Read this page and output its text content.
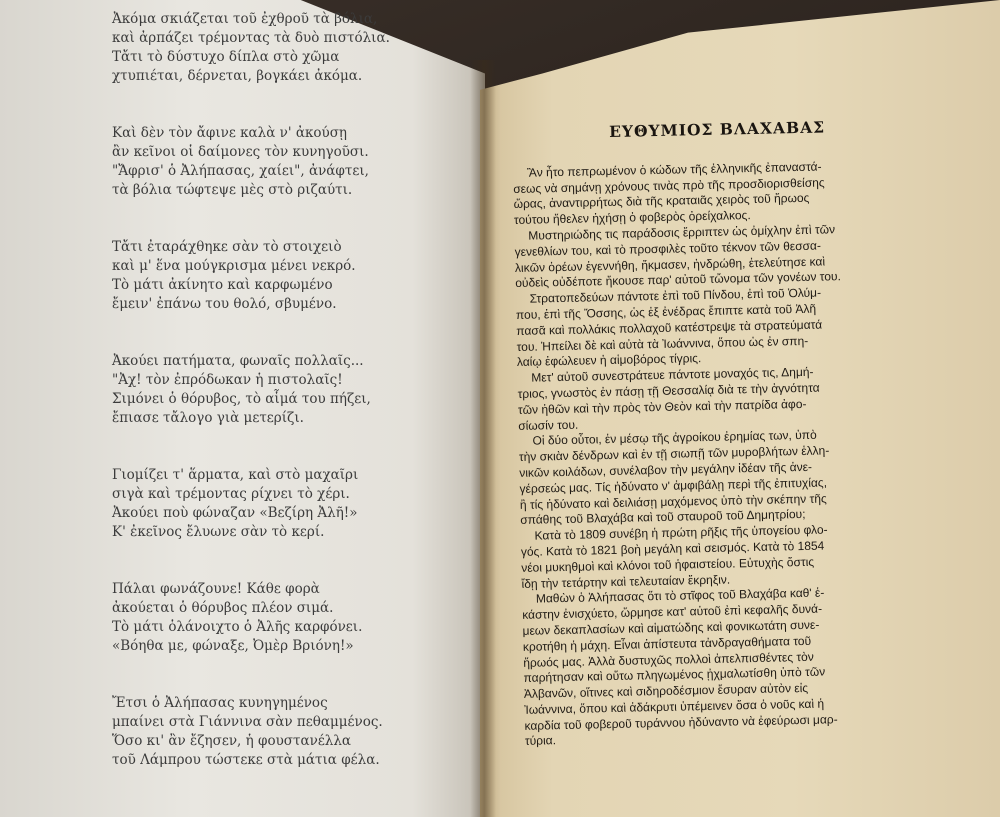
Ἀκόμα σκιάζεται τοῦ ἐχθροῦ τὰ βόλια,
καὶ ἀρπάζει τρέμοντας τὰ δυὸ πιστόλια.
Τἄτι τὸ δύστυχο δίπλα στὸ χῶμα
χτυπιέται, δέρνεται, βογκάει ἀκόμα.
Καὶ δὲν τὸν ἄφινε καλὰ ν' ἀκούσῃ
ἂν κεῖνοι οἱ δαίμονες τὸν κυνηγοῦσι.
"Ἄφρισ' ὁ Ἀλήπασας, χαίει", ἀνάφτει,
τὰ βόλια τώφτεψε μὲς στὸ ριζαύτι.
Τἄτι ἐταράχθηκε σὰν τὸ στοιχειὸ
καὶ μ' ἕνα μούγκρισμα μένει νεκρό.
Τὸ μάτι ἀκίνητο καὶ καρφωμένο
ἔμειν' ἐπάνω του θολό, σβυμένο.
Ἀκούει πατήματα, φωναῖς πολλαῖς...
"Ἀχ! τὸν ἐπρόδωκαν ἡ πιστολαῖς!
Σιμόνει ὁ θόρυβος, τὸ αἷμά του πήζει,
ἔπιασε τἄλογο γιὰ μετερίζι.
Γιομίζει τ' ἅρματα, καὶ στὸ μαχαῖρι
σιγὰ καὶ τρέμοντας ρίχνει τὸ χέρι.
Ἀκούει ποὺ φώναζαν «Βεζίρη Ἀλῆ!»
Κ' ἐκεῖνος ἔλυωνε σὰν τὸ κερί.
Πάλαι φωνάζουνε! Κάθε φορὰ
ἀκούεται ὁ θόρυβος πλέον σιμά.
Τὸ μάτι ὁλάνοιχτο ὁ Ἀλῆς καρφόνει.
«Βόηθα με, φώναξε, Ὀμὲρ Βριόνη!»
Ἔτσι ὁ Ἀλήπασας κυνηγημένος
μπαίνει στὰ Γιάννινα σὰν πεθαμμένος.
Ὅσο κι' ἂν ἔζησεν, ἡ φουστανέλλα
τοῦ Λάμπρου τώστεκε στὰ μάτια φέλα.
ΕΥΘΥΜΙΟΣ ΒΛΑΧΑΒΑΣ
Ἂν ἦτο πεπρωμένον ὁ κώδων τῆς ἑλληνικῆς ἐπαναστά-
σεως νὰ σημάνῃ χρόνους τινὰς πρὸ τῆς προσδιορισθείσης
ὥρας, ἀναντιρρήτως διὰ τῆς κραταιᾶς χειρὸς τοῦ ἥρωος
τούτου ἤθελεν ἠχήσῃ ὁ φοβερὸς ὀρείχαλκος.
Μυστηριώδης τις παράδοσις ἔρριπτεν ὡς ὀμίχλην ἐπὶ τῶν
γενεθλίων του, καὶ τὸ προσφιλὲς τοῦτο τέκνον τῶν θεσσα-
λικῶν ὀρέων ἐγεννήθη, ἤκμασεν, ἠνδρώθη, ἐτελεύτησε καὶ
οὐδεὶς οὐδέποτε ἤκουσε παρ' αὐτοῦ τὤνομα τῶν γονέων του.
Στρατοπεδεύων πάντοτε ἐπὶ τοῦ Πίνδου, ἐπὶ τοῦ Ὀλύμ-
που, ἐπὶ τῆς Ὄσσης, ὡς ἐξ ἐνέδρας ἔπιπτε κατὰ τοῦ Ἀλῆ
πασᾶ καὶ πολλάκις πολλαχοῦ κατέστρεψε τὰ στρατεύματά
του. Ἠπείλει δὲ καὶ αὐτὰ τὰ Ἰωάννινα, ὅπου ὡς ἐν σπη-
λαίῳ ἐφώλευεν ἡ αἱμοβόρος τίγρις.
Μετ' αὐτοῦ συνεστράτευε πάντοτε μοναχός τις, Δημή-
τριος, γνωστὸς ἐν πάσῃ τῇ Θεσσαλίᾳ διὰ τε τὴν ἁγνότητα
τῶν ἠθῶν καὶ τὴν πρὸς τὸν Θεὸν καὶ τὴν πατρίδα ἀφο-
σίωσίν του.
Οἱ δύο οὗτοι, ἐν μέσῳ τῆς ἀγροίκου ἐρημίας των, ὑπὸ
τὴν σκιὰν δένδρων καὶ ἐν τῇ σιωπῇ τῶν μυροβλήτων ἑλλη-
νικῶν κοιλάδων, συνέλαβον τὴν μεγάλην ἰδέαν τῆς ἀνε-
γέρσεώς μας. Τίς ἠδύνατο ν' ἀμφιβάλῃ περὶ τῆς ἐπιτυχίας,
ἢ τίς ἠδύνατο καὶ δειλιάσῃ μαχόμενος ὑπὸ τὴν σκέπην τῆς
σπάθης τοῦ Βλαχάβα καὶ τοῦ σταυροῦ τοῦ Δημητρίου;
Κατὰ τὸ 1809 συνέβη ἡ πρώτη ρῆξις τῆς ὑπογείου φλο-
γός. Κατὰ τὸ 1821 βοὴ μεγάλη καὶ σεισμός. Κατὰ τὸ 1854
νέοι μυκηθμοὶ καὶ κλόνοι τοῦ ἡφαιστείου. Εὐτυχὴς ὅστις
ἴδῃ τὴν τετάρτην καὶ τελευταίαν ἔκρηξιν.
Μαθὼν ὁ Ἀλήπασας ὅτι τὸ στῖφος τοῦ Βλαχάβα καθ' ἑ-
κάστην ἐνισχύετο, ὥρμησε κατ' αὐτοῦ ἐπὶ κεφαλῆς δυνά-
μεων δεκαπλασίων καὶ αἱματώδης καὶ φονικωτάτη συνε-
κροτήθη ἡ μάχη. Εἶναι ἀπίστευτα τἀνδραγαθήματα τοῦ
ἥρωός μας. Ἀλλὰ δυστυχῶς πολλοὶ ἀπελπισθέντες τὸν
παρήτησαν καὶ οὕτω πληγωμένος ᾐχμαλωτίσθη ὑπὸ τῶν
Ἀλβανῶν, οἵτινες καὶ σιδηροδέσμιον ἔσυραν αὐτὸν εἰς
Ἰωάννινα, ὅπου καὶ ἀδάκρυτι ὑπέμεινεν ὅσα ὁ νοῦς καὶ ἡ
καρδία τοῦ φοβεροῦ τυράννου ἠδύναντο νὰ ἐφεύρωσι μαρ-
τύρια.
